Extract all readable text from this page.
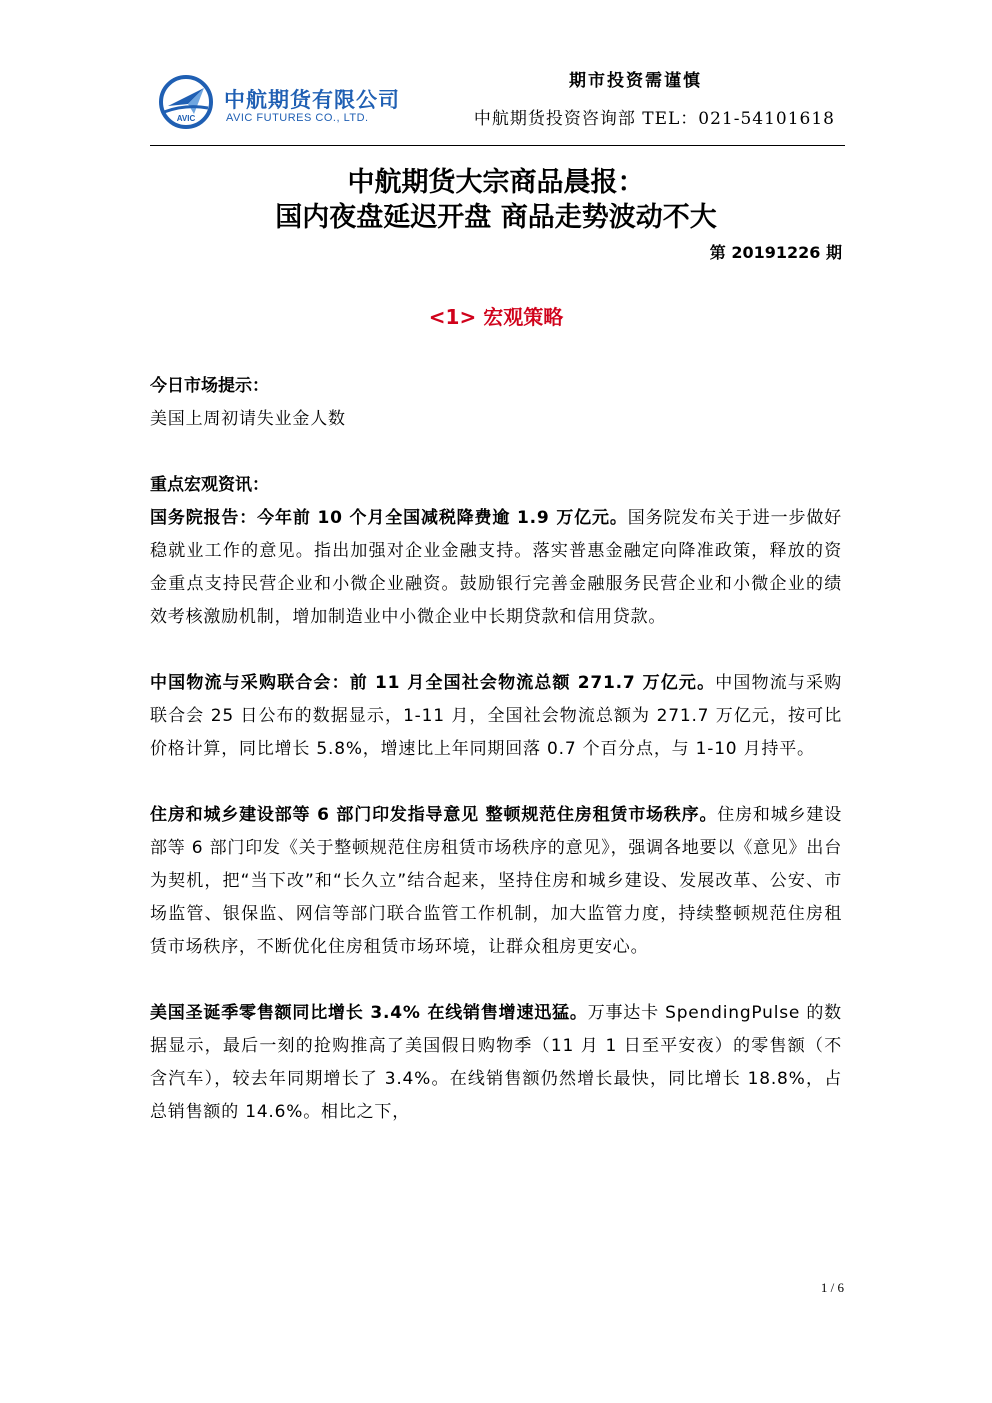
AVIC
中航期货有限公司
AVIC FUTURES CO., LTD.
期市投资需谨慎
中航期货投资咨询部 TEL：021-54101618
中航期货大宗商品晨报：
国内夜盘延迟开盘 商品走势波动不大
第 20191226 期
<1> 宏观策略

今日市场提示：

美国上周初请失业金人数

重点宏观资讯：

国务院报告：今年前 10 个月全国减税降费逾 1.9 万亿元。国务院发布关于进一步做好稳就业工作的意见。指出加强对企业金融支持。落实普惠金融定向降准政策，释放的资金重点支持民营企业和小微企业融资。鼓励银行完善金融服务民营企业和小微企业的绩效考核激励机制，增加制造业中小微企业中长期贷款和信用贷款。

中国物流与采购联合会：前 11 月全国社会物流总额 271.7 万亿元。中国物流与采购联合会 25 日公布的数据显示，1-11 月，全国社会物流总额为 271.7 万亿元，按可比价格计算，同比增长 5.8%，增速比上年同期回落 0.7 个百分点，与 1-10 月持平。

住房和城乡建设部等 6 部门印发指导意见 整顿规范住房租赁市场秩序。住房和城乡建设部等 6 部门印发《关于整顿规范住房租赁市场秩序的意见》，强调各地要以《意见》出台为契机，把“当下改”和“长久立”结合起来，坚持住房和城乡建设、发展改革、公安、市场监管、银保监、网信等部门联合监管工作机制，加大监管力度，持续整顿规范住房租赁市场秩序，不断优化住房租赁市场环境，让群众租房更安心。

美国圣诞季零售额同比增长 3.4% 在线销售增速迅猛。万事达卡 SpendingPulse 的数据显示，最后一刻的抢购推高了美国假日购物季（11 月 1 日至平安夜）的零售额（不含汽车），较去年同期增长了 3.4%。在线销售额仍然增长最快，同比增长 18.8%，占总销售额的 14.6%。相比之下，

1 / 6
